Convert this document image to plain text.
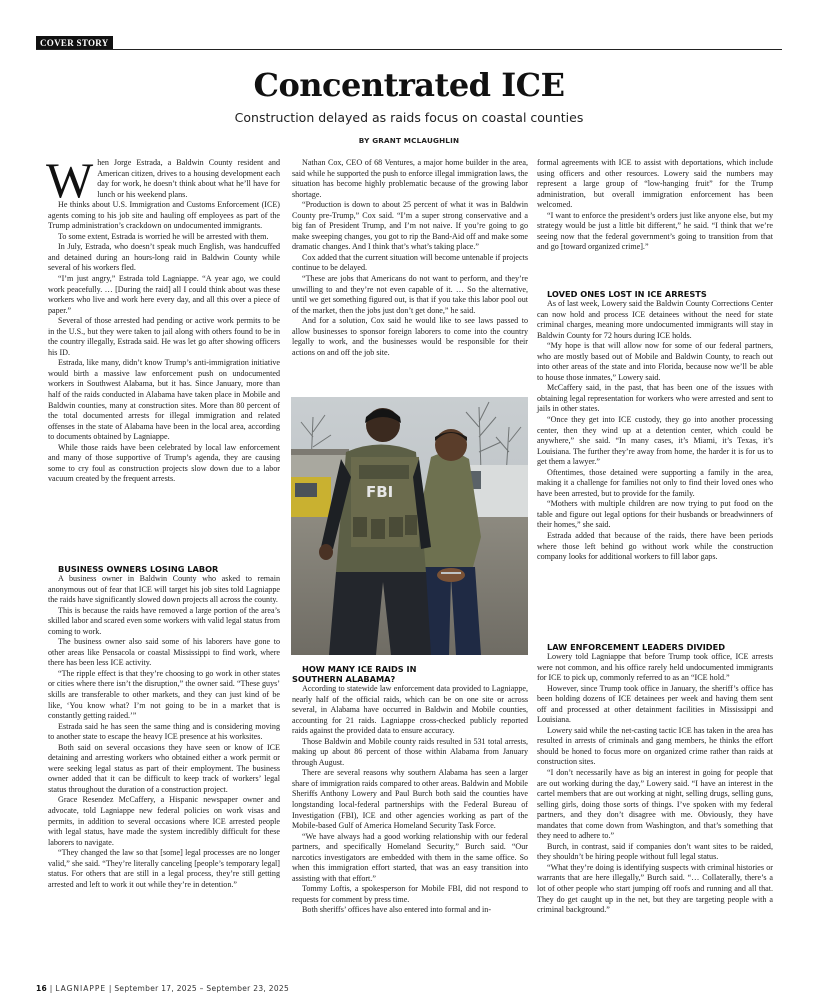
COVER STORY
Concentrated ICE
Construction delayed as raids focus on coastal counties
BY GRANT MCLAUGHLIN

When Jorge Estrada, a Baldwin County resident and American citizen, drives to a housing development each day for work, he doesn’t think about what he’ll have for lunch or his weekend plans.

He thinks about U.S. Immigration and Customs Enforcement (ICE) agents coming to his job site and hauling off employees as part of the Trump administration’s crackdown on undocumented immigrants.

To some extent, Estrada is worried he will be arrested with them.

In July, Estrada, who doesn’t speak much English, was handcuffed and detained during an hours-long raid in Baldwin County while several of his workers fled.

“I’m just angry,” Estrada told Lagniappe. “A year ago, we could work peacefully. … [During the raid] all I could think about was these workers who live and work here every day, and all this over a piece of paper.”

Several of those arrested had pending or active work permits to be in the U.S., but they were taken to jail along with others found to be in the country illegally, Estrada said. He was let go after showing officers his ID.

Estrada, like many, didn’t know Trump’s anti-immigration initiative would birth a massive law enforcement push on undocumented workers in Southwest Alabama, but it has. Since January, more than half of the raids conducted in Alabama have taken place in Mobile and Baldwin counties, many at construction sites. More than 80 percent of the total documented arrests for illegal immigration and related offenses in the state of Alabama have been in the local area, according to documents obtained by Lagniappe.

While those raids have been celebrated by local law enforcement and many of those supportive of Trump’s agenda, they are causing some to cry foul as construction projects slow down due to a labor vacuum created by the frequent arrests.

BUSINESS OWNERS LOSING LABOR

A business owner in Baldwin County who asked to remain anonymous out of fear that ICE will target his job sites told Lagniappe the raids have significantly slowed down projects all across the county.

This is because the raids have removed a large portion of the area’s skilled labor and scared even some workers with valid legal status from coming to work.

The business owner also said some of his laborers have gone to other areas like Pensacola or coastal Mississippi to find work, where there has been less ICE activity.

“The ripple effect is that they’re choosing to go work in other states or cities where there isn’t the disruption,” the owner said. “These guys’ skills are transferable to other markets, and they can just kind of be like, ‘You know what? I’m not going to be in a market that is constantly getting raided.’”

Estrada said he has seen the same thing and is considering moving to another state to escape the heavy ICE presence at his worksites.

Both said on several occasions they have seen or know of ICE detaining and arresting workers who obtained either a work permit or were seeking legal status as part of their employment. The business owner added that it can be difficult to keep track of workers’ legal status throughout the duration of a construction project.

Grace Resendez McCaffery, a Hispanic newspaper owner and advocate, told Lagniappe new federal policies on work visas and permits, in addition to several occasions where ICE arrested people with legal status, have made the system incredibly difficult for these laborers to navigate.

“They changed the law so that [some] legal processes are no longer valid,” she said. “They’re literally canceling [people’s temporary legal] status. For others that are still in a legal process, they’re still getting arrested and left to work it out while they’re in detention.”

Nathan Cox, CEO of 68 Ventures, a major home builder in the area, said while he supported the push to enforce illegal immigration laws, the situation has become highly problematic because of the growing labor shortage.

“Production is down to about 25 percent of what it was in Baldwin County pre-Trump,” Cox said. “I’m a super strong conservative and a big fan of President Trump, and I’m not naive. If you’re going to go make sweeping changes, you got to rip the Band-Aid off and make some dramatic changes. And I think that’s what’s taking place.”

Cox added that the current situation will become untenable if projects continue to be delayed.

“These are jobs that Americans do not want to perform, and they’re unwilling to and they’re not even capable of it. … So the alternative, until we get something figured out, is that if you take this labor pool out of the market, then the jobs just don’t get done,” he said.

And for a solution, Cox said he would like to see laws passed to allow businesses to sponsor foreign laborers to come into the country legally to work, and the businesses would be responsible for their actions on and off the job site.

FBI

HOW MANY ICE RAIDS IN
SOUTHERN ALABAMA?

According to statewide law enforcement data provided to Lagniappe, nearly half of the official raids, which can be on one site or across several, in Alabama have occurred in Baldwin and Mobile counties, accounting for 21 raids. Lagniappe cross-checked publicly reported raids against the provided data to ensure accuracy.

Those Baldwin and Mobile county raids resulted in 531 total arrests, making up about 86 percent of those within Alabama from January through August.

There are several reasons why southern Alabama has seen a larger share of immigration raids compared to other areas. Baldwin and Mobile Sheriffs Anthony Lowery and Paul Burch both said the counties have longstanding local-federal partnerships with the Federal Bureau of Investigation (FBI), ICE and other agencies working as part of the Mobile-based Gulf of America Homeland Security Task Force.

“We have always had a good working relationship with our federal partners, and specifically Homeland Security,” Burch said. “Our narcotics investigators are embedded with them in the same office. So when this immigration effort started, that was an easy transition into assisting with that effort.”

Tommy Loftis, a spokesperson for Mobile FBI, did not respond to requests for comment by press time.

Both sheriffs’ offices have also entered into formal and in-

formal agreements with ICE to assist with deportations, which include using officers and other resources. Lowery said the numbers may represent a large group of “low-hanging fruit” for the Trump administration, but overall immigration enforcement has been welcomed.

“I want to enforce the president’s orders just like anyone else, but my strategy would be just a little bit different,” he said. “I think that we’re seeing now that the federal government’s going to transition from that and go [toward organized crime].”

LOVED ONES LOST IN ICE ARRESTS

As of last week, Lowery said the Baldwin County Corrections Center can now hold and process ICE detainees without the need for state criminal charges, meaning more undocumented immigrants will stay in Baldwin County for 72 hours during ICE holds.

“My hope is that will allow now for some of our federal partners, who are mostly based out of Mobile and Baldwin County, to reach out into other areas of the state and into Florida, because now we’ll be able to house those inmates,” Lowery said.

McCaffery said, in the past, that has been one of the issues with obtaining legal representation for workers who were arrested and sent to jails in other states.

“Once they get into ICE custody, they go into another processing center, then they wind up at a detention center, which could be anywhere,” she said. “In many cases, it’s Miami, it’s Texas, it’s Louisiana. The further they’re away from home, the harder it is for us to get them a lawyer.”

Oftentimes, those detained were supporting a family in the area, making it a challenge for families not only to find their loved ones who have been arrested, but to provide for the family.

“Mothers with multiple children are now trying to put food on the table and figure out legal options for their husbands or breadwinners of their homes,” she said.

Estrada added that because of the raids, there have been periods where those left behind go without work while the construction company looks for additional workers to fill labor gaps.

LAW ENFORCEMENT LEADERS DIVIDED

Lowery told Lagniappe that before Trump took office, ICE arrests were not common, and his office rarely held undocumented immigrants for ICE to pick up, commonly referred to as an “ICE hold.”

However, since Trump took office in January, the sheriff’s office has been holding dozens of ICE detainees per week and having them sent off and processed at other detainment facilities in Mississippi and Louisiana.

Lowery said while the net-casting tactic ICE has taken in the area has resulted in arrests of criminals and gang members, he thinks the effort should be honed to focus more on organized crime rather than raids at construction sites.

“I don’t necessarily have as big an interest in going for people that are out working during the day,” Lowery said. “I have an interest in the cartel members that are out working at night, selling drugs, selling guns, selling girls, doing those sorts of things. I’ve spoken with my federal partners, and they don’t disagree with me. Obviously, they have mandates that come down from Washington, and that’s something that they need to adhere to.”

Burch, in contrast, said if companies don’t want sites to be raided, they shouldn’t be hiring people without full legal status.

“What they’re doing is identifying suspects with criminal histories or warrants that are here illegally,” Burch said. “… Collaterally, there’s a lot of other people who start jumping off roofs and running and all that. They do get caught up in the net, but they are targeting people with a criminal background.”

16 | LAGNIAPPE | September 17, 2025 – September 23, 2025
